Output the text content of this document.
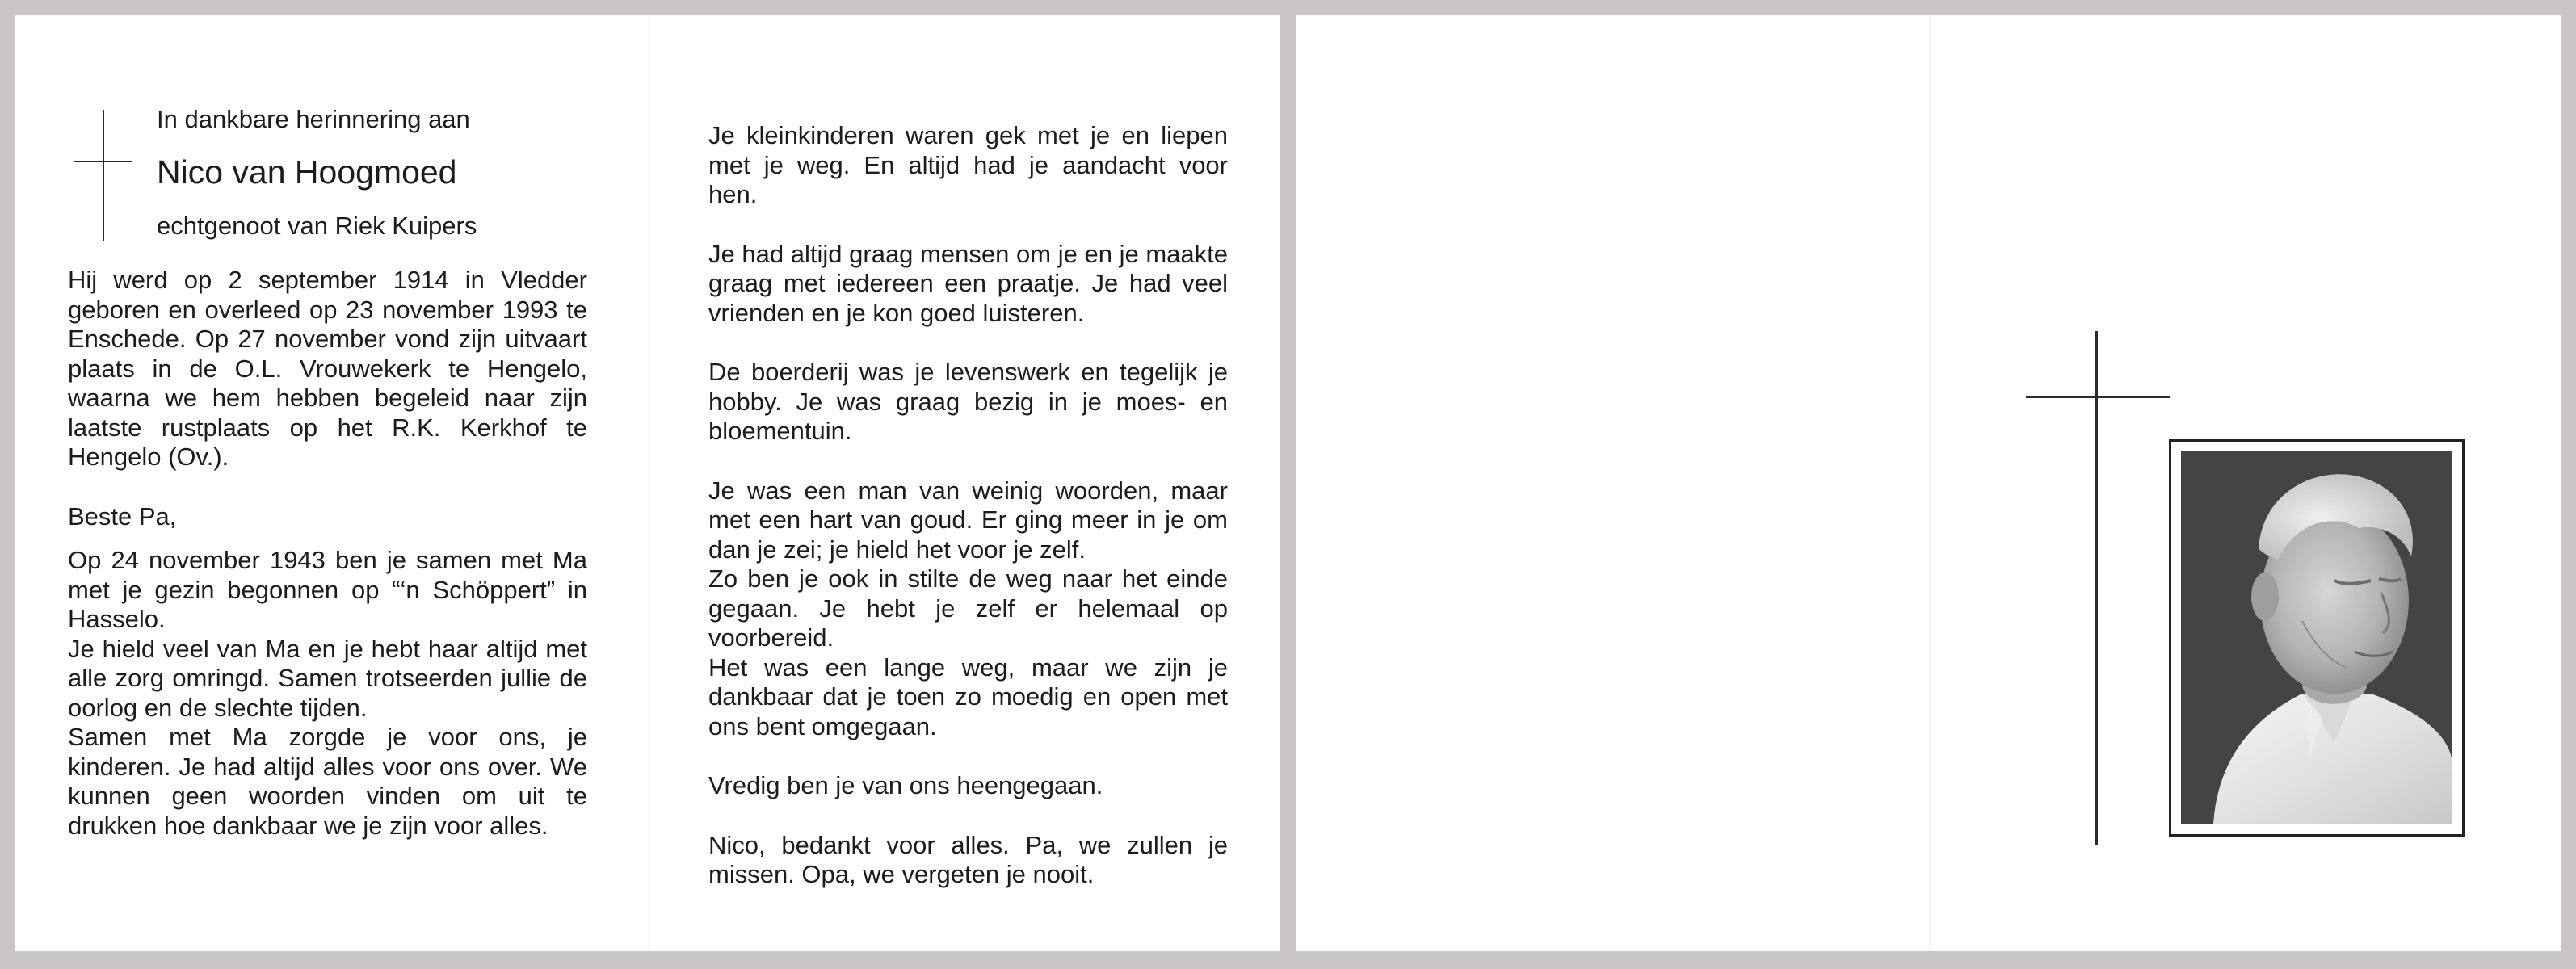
In dankbare herinnering aan
Nico van Hoogmoed
echtgenoot van Riek Kuipers

Hij werd op 2 september 1914 in Vledder geboren en overleed op 23 november 1993 te Enschede. Op 27 november vond zijn uitvaart plaats in de O.L. Vrouwekerk te Hengelo, waarna we hem hebben begeleid naar zijn laatste rustplaats op het R.K. Kerkhof te Hengelo (Ov.).

Beste Pa,

Op 24 november 1943 ben je samen met Ma met je gezin begonnen op “‘n Schöppert” in Hasselo.

Je hield veel van Ma en je hebt haar altijd met alle zorg omringd. Samen trotseerden jullie de oorlog en de slechte tijden.

Samen met Ma zorgde je voor ons, je kinderen. Je had altijd alles voor ons over. We kunnen geen woorden vinden om uit te drukken hoe dankbaar we je zijn voor alles.

Je kleinkinderen waren gek met je en liepen met je weg. En altijd had je aandacht voor hen.

Je had altijd graag mensen om je en je maakte graag met iedereen een praatje. Je had veel vrienden en je kon goed luisteren.

De boerderij was je levenswerk en tegelijk je hobby. Je was graag bezig in je moes- en bloementuin.

Je was een man van weinig woorden, maar met een hart van goud. Er ging meer in je om dan je zei; je hield het voor je zelf.

Zo ben je ook in stilte de weg naar het einde gegaan. Je hebt je zelf er helemaal op voorbereid.

Het was een lange weg, maar we zijn je dankbaar dat je toen zo moedig en open met ons bent omgegaan.

Vredig ben je van ons heengegaan.

Nico, bedankt voor alles. Pa, we zullen je missen. Opa, we vergeten je nooit.
